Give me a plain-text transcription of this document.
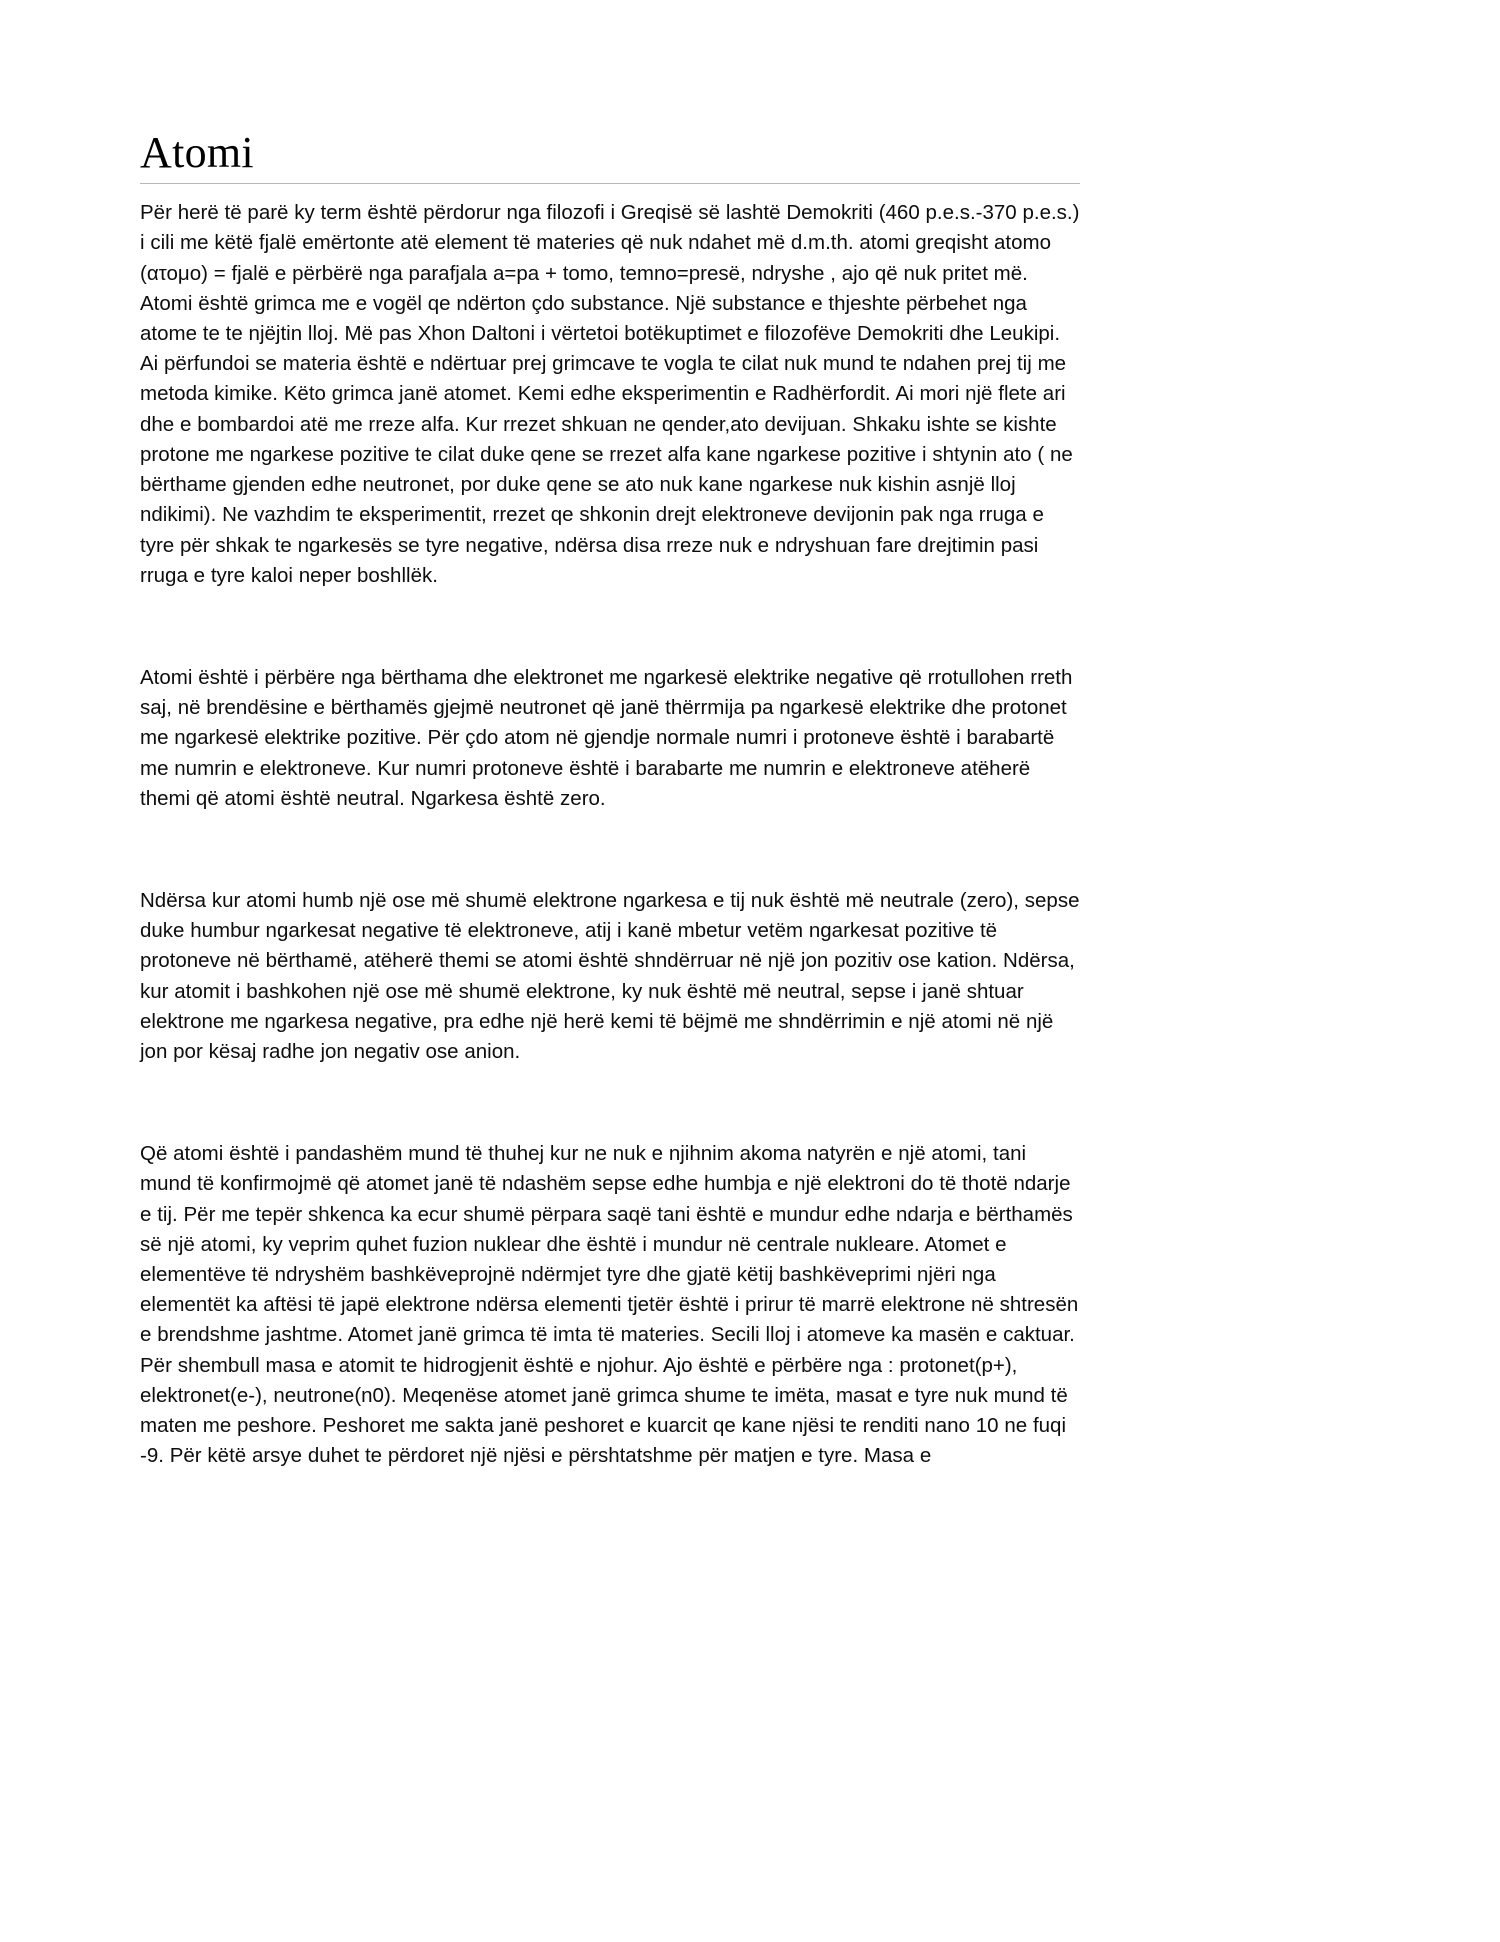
Atomi

Për herë të parë ky term është përdorur nga filozofi i Greqisë së lashtë Demokriti (460 p.e.s.-370 p.e.s.) i cili me këtë fjalë emërtonte atë element të materies që nuk ndahet më d.m.th. atomi greqisht atomo (ατομο) = fjalë e përbërë nga parafjala a=pa + tomo, temno=presë, ndryshe , ajo që nuk pritet më. Atomi është grimca me e vogël qe ndërton çdo substance. Një substance e thjeshte përbehet nga atome te te njëjtin lloj. Më pas Xhon Daltoni i vërtetoi botëkuptimet e filozofëve Demokriti dhe Leukipi. Ai përfundoi se materia është e ndërtuar prej grimcave te vogla te cilat nuk mund te ndahen prej tij me metoda kimike. Këto grimca janë atomet. Kemi edhe eksperimentin e Radhërfordit. Ai mori një flete ari dhe e bombardoi atë me rreze alfa. Kur rrezet shkuan ne qender,ato devijuan. Shkaku ishte se kishte protone me ngarkese pozitive te cilat duke qene se rrezet alfa kane ngarkese pozitive i shtynin ato ( ne bërthame gjenden edhe neutronet, por duke qene se ato nuk kane ngarkese nuk kishin asnjë lloj ndikimi). Ne vazhdim te eksperimentit, rrezet qe shkonin drejt elektroneve devijonin pak nga rruga e tyre për shkak te ngarkesës se tyre negative, ndërsa disa rreze nuk e ndryshuan fare drejtimin pasi rruga e tyre kaloi neper boshllëk.

Atomi është i përbëre nga bërthama dhe elektronet me ngarkesë elektrike negative që rrotullohen rreth saj, në brendësine e bërthamës gjejmë neutronet që janë thërrmija pa ngarkesë elektrike dhe protonet me ngarkesë elektrike pozitive. Për çdo atom në gjendje normale numri i protoneve është i barabartë me numrin e elektroneve. Kur numri protoneve është i barabarte me numrin e elektroneve atëherë themi që atomi është neutral. Ngarkesa është zero.

Ndërsa kur atomi humb një ose më shumë elektrone ngarkesa e tij nuk është më neutrale (zero), sepse duke humbur ngarkesat negative të elektroneve, atij i kanë mbetur vetëm ngarkesat pozitive të protoneve në bërthamë, atëherë themi se atomi është shndërruar në një jon pozitiv ose kation. Ndërsa, kur atomit i bashkohen një ose më shumë elektrone, ky nuk është më neutral, sepse i janë shtuar elektrone me ngarkesa negative, pra edhe një herë kemi të bëjmë me shndërrimin e një atomi në një jon por kësaj radhe jon negativ ose anion.

Që atomi është i pandashëm mund të thuhej kur ne nuk e njihnim akoma natyrën e një atomi, tani mund të konfirmojmë që atomet janë të ndashëm sepse edhe humbja e një elektroni do të thotë ndarje e tij. Për me tepër shkenca ka ecur shumë përpara saqë tani është e mundur edhe ndarja e bërthamës së një atomi, ky veprim quhet fuzion nuklear dhe është i mundur në centrale nukleare. Atomet e elementëve të ndryshëm bashkëveprojnë ndërmjet tyre dhe gjatë këtij bashkëveprimi njëri nga elementët ka aftësi të japë elektrone ndërsa elementi tjetër është i prirur të marrë elektrone në shtresën e brendshme jashtme. Atomet janë grimca të imta të materies. Secili lloj i atomeve ka masën e caktuar. Për shembull masa e atomit te hidrogjenit është e njohur. Ajo është e përbëre nga : protonet(p+), elektronet(e-), neutrone(n0). Meqenëse atomet janë grimca shume te imëta, masat e tyre nuk mund të maten me peshore. Peshoret me sakta janë peshoret e kuarcit qe kane njësi te renditi nano 10 ne fuqi -9. Për këtë arsye duhet te përdoret një njësi e përshtatshme për matjen e tyre. Masa e
